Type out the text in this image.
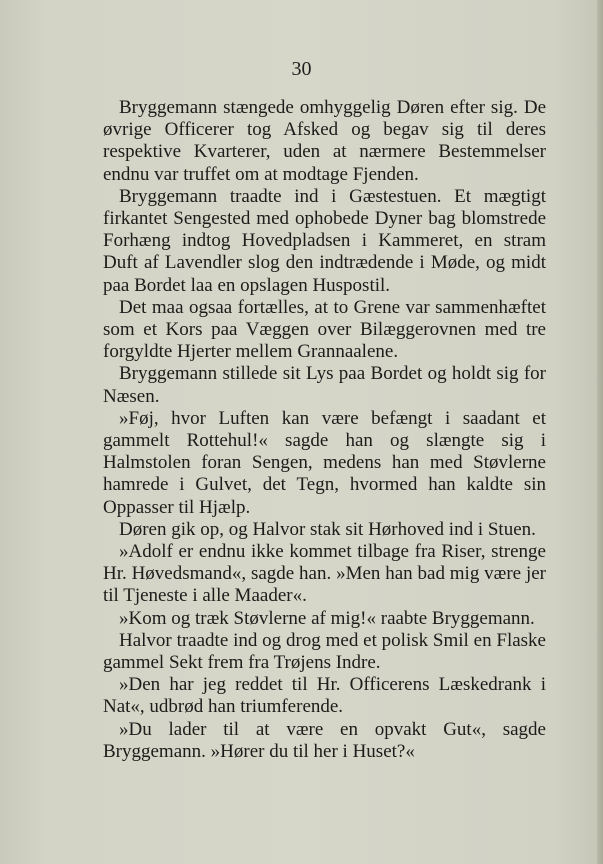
30

Bryggemann stængede omhyggelig Døren efter sig. De øvrige Officerer tog Afsked og begav sig til deres respektive Kvarterer, uden at nærmere Bestemmelser endnu var truffet om at modtage Fjenden.

Bryggemann traadte ind i Gæstestuen. Et mægtigt firkantet Sengested med ophobede Dyner bag blomstrede Forhæng indtog Hovedpladsen i Kammeret, en stram Duft af Lavendler slog den indtrædende i Møde, og midt paa Bordet laa en opslagen Huspostil.

Det maa ogsaa fortælles, at to Grene var sammenhæftet som et Kors paa Væggen over Bilæggerovnen med tre forgyldte Hjerter mellem Grannaalene.

Bryggemann stillede sit Lys paa Bordet og holdt sig for Næsen.

»Føj, hvor Luften kan være befængt i saadant et gammelt Rottehul!« sagde han og slængte sig i Halmstolen foran Sengen, medens han med Støvlerne hamrede i Gulvet, det Tegn, hvormed han kaldte sin Oppasser til Hjælp.

Døren gik op, og Halvor stak sit Hørhoved ind i Stuen.

»Adolf er endnu ikke kommet tilbage fra Riser, strenge Hr. Høvedsmand«, sagde han. »Men han bad mig være jer til Tjeneste i alle Maader«.

»Kom og træk Støvlerne af mig!« raabte Bryggemann.

Halvor traadte ind og drog med et polisk Smil en Flaske gammel Sekt frem fra Trøjens Indre.

»Den har jeg reddet til Hr. Officerens Læskedrank i Nat«, udbrød han triumferende.

»Du lader til at være en opvakt Gut«, sagde Bryggemann. »Hører du til her i Huset?«
